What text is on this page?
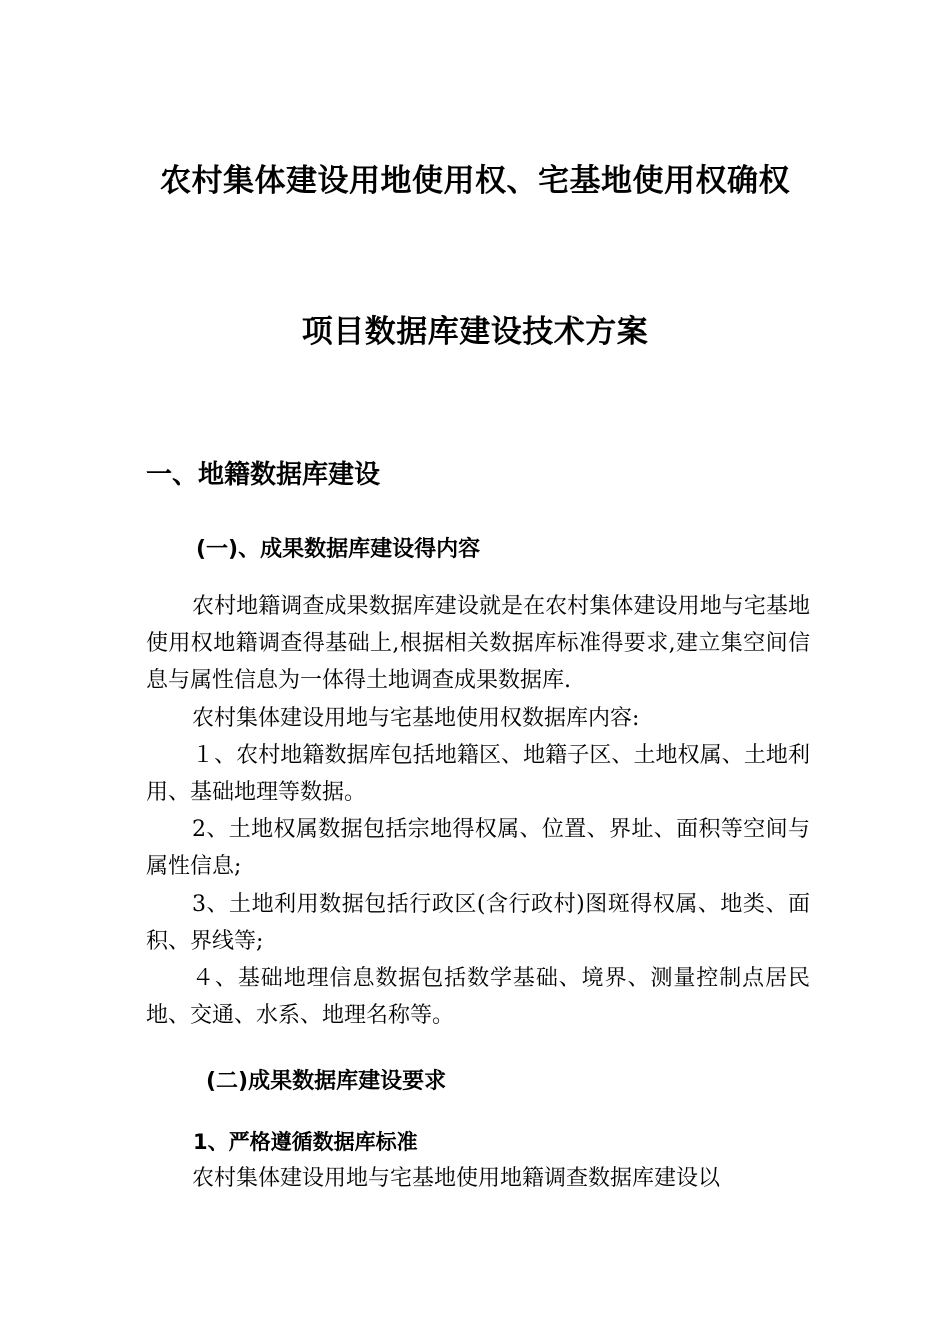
农村集体建设用地使用权、宅基地使用权确权
项目数据库建设技术方案
一、地籍数据库建设
(一)、成果数据库建设得内容
农村地籍调查成果数据库建设就是在农村集体建设用地与宅基地使用权地籍调查得基础上,根据相关数据库标准得要求,建立集空间信息与属性信息为一体得土地调查成果数据库.
农村集体建设用地与宅基地使用权数据库内容:
１、农村地籍数据库包括地籍区、地籍子区、土地权属、土地利用、基础地理等数据。
2、土地权属数据包括宗地得权属、位置、界址、面积等空间与属性信息;
3、土地利用数据包括行政区(含行政村)图斑得权属、地类、面积、界线等;
４、基础地理信息数据包括数学基础、境界、测量控制点居民地、交通、水系、地理名称等。
(二)成果数据库建设要求
1、严格遵循数据库标准
农村集体建设用地与宅基地使用地籍调查数据库建设以
